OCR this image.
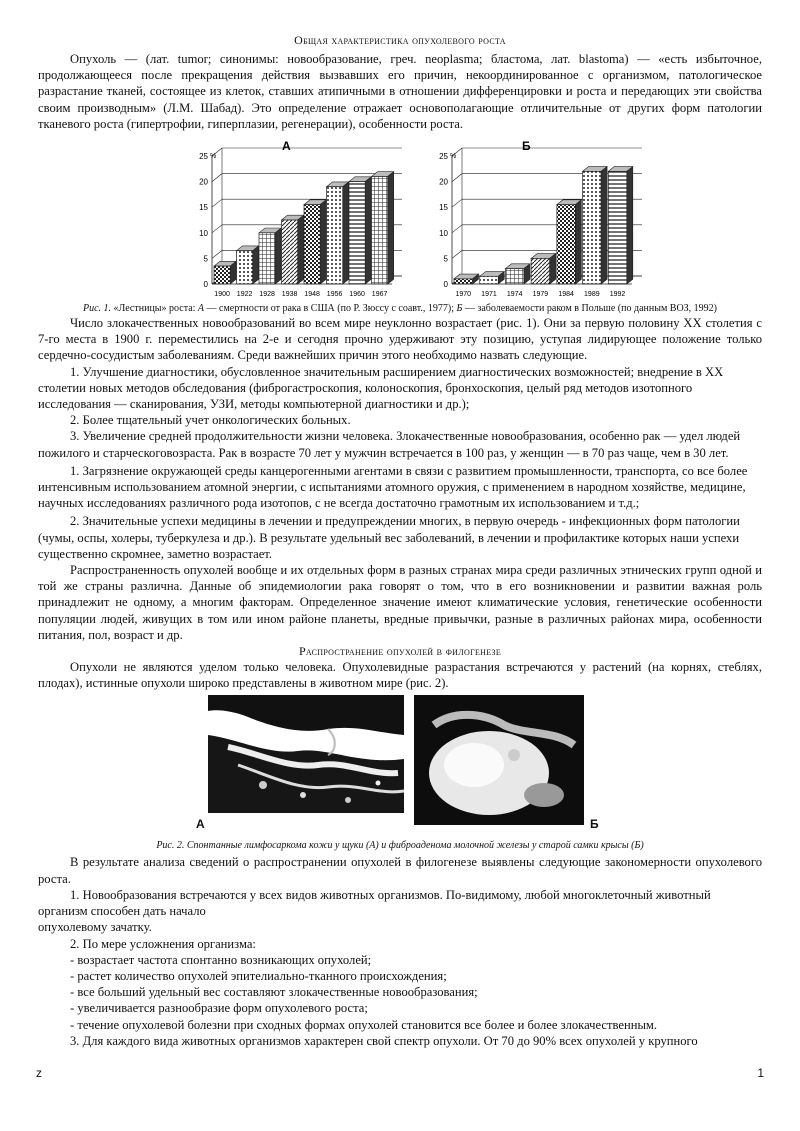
Общая характеристика опухолевого роста

Опухоль — (лат. tumor; синонимы: новообразование, греч. neoplasma; бластома, лат. blastoma) — «есть избыточное, продолжающееся после прекращения действия вызвавших его причин, некоординированное с организмом, патологическое разрастание тканей, состоящее из клеток, ставших атипичными в отношении дифференцировки и роста и передающих эти свойства своим производным» (Л.М. Шабад). Это определение отражает основополагающие отличительные от других форм патологии тканевого роста (гипертрофии, гиперплазии, регенерации), особенности роста.

0
5
10
15
20
25 %
А
1900 1922 1928 1938 1948 1956 1960 1967
0
5
10
15
20
25 %
Б
1970 1971 1974 1979 1984 1989 1992

Рис. 1. «Лестницы» роста: А — смертности от рака в США (по Р. Зюссу с соавт., 1977); Б — заболеваемости раком в Польше (по данным ВОЗ, 1992)

Число злокачественных новообразований во всем мире неуклонно возрастает (рис. 1). Они за первую половину XX столетия с 7-го места в 1900 г. переместились на 2-е и сегодня прочно удерживают эту позицию, уступая лидирующее положение только сердечно-сосудистым заболеваниям. Среди важнейших причин этого необходимо назвать следующие.

1. Улучшение диагностики, обусловленное значительным расширением диагностических возможностей; внедрение в XX столетии новых методов обследования (фиброгастроскопия, колоноскопия, бронхоскопия, целый ряд методов изотопного исследования — сканирования, УЗИ, методы компьютерной диагностики и др.);

2. Более тщательный учет онкологических больных.

3. Увеличение средней продолжительности жизни человека. Злокачественные новообразования, особенно рак — удел людей пожилого и старческоговозраста. Рак в возрасте 70 лет у мужчин встречается в 100 раз, у женщин — в 70 раз чаще, чем в 30 лет.

1. Загрязнение окружающей среды канцерогенными агентами в связи с развитием промышленности, транспорта, со все более интенсивным использованием атомной энергии, с испытаниями атомного оружия, с применением в народном хозяйстве, медицине, научных исследованиях различного рода изотопов, с не всегда достаточно грамотным их использованием и т.д.;

2. Значительные успехи медицины в лечении и предупреждении многих, в первую очередь - инфекционных форм патологии (чумы, оспы, холеры, туберкулеза и др.). В результате удельный вес заболеваний, в лечении и профилактике которых наши успехи существенно скромнее, заметно возрастает.

Распространенность опухолей вообще и их отдельных форм в разных странах мира среди различных этнических групп одной и той же страны различна. Данные об эпидемиологии рака говорят о том, что в его возникновении и развитии важная роль принадлежит не одному, а многим факторам. Определенное значение имеют климатические условия, генетические особенности популяции людей, живущих в том или ином районе планеты, вредные привычки, разные в различных районах мира, особенности питания, пол, возраст и др.

Распространение опухолей в филогенезе

Опухоли не являются уделом только человека. Опухолевидные разрастания встречаются у растений (на корнях, стеблях, плодах), истинные опухоли широко представлены в животном мире (рис. 2).

А	Б

Рис. 2. Спонтанные лимфосаркома кожи у щуки (А) и фиброаденома молочной железы у старой самки крысы (Б)

В результате анализа сведений о распространении опухолей в филогенезе выявлены следующие закономерности опухолевого роста.

1. Новообразования встречаются у всех видов животных организмов. По-видимому, любой многоклеточный животный организм способен дать начало

опухолевому зачатку.

2. По мере усложнения организма:

- возрастает частота спонтанно возникающих опухолей;

- растет количество опухолей эпителиально-тканного происхождения;

- все больший удельный вес составляют злокачественные новообразования;

- увеличивается разнообразие форм опухолевого роста;

- течение опухолевой болезни при сходных формах опухолей становится все более и более злокачественным.

3. Для каждого вида животных организмов характерен свой спектр опухоли. От 70 до 90% всех опухолей у крупного

z	1
